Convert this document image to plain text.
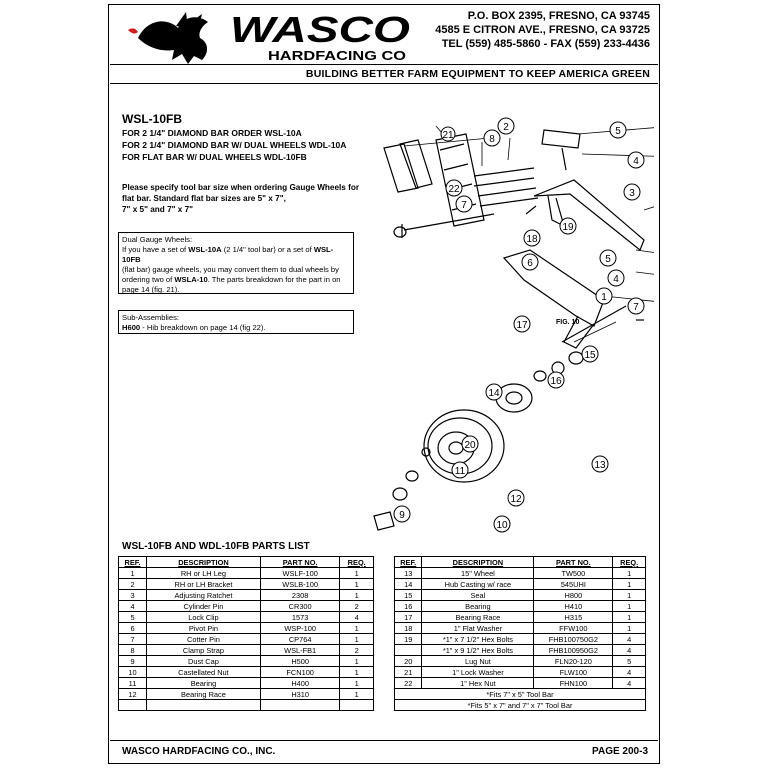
WASCO
HARDFACING CO
P.O. BOX 2395, FRESNO, CA 93745
4585 E CITRON AVE., FRESNO, CA 93725
TEL (559) 485-5860 - FAX (559) 233-4436
BUILDING BETTER FARM EQUIPMENT TO KEEP AMERICA GREEN
WSL-10FB
FOR 2 1/4" DIAMOND BAR ORDER WSL-10A
FOR 2 1/4" DIAMOND BAR W/ DUAL WHEELS WDL-10A
FOR FLAT BAR W/ DUAL WHEELS WDL-10FB
Please specify tool bar size when ordering Gauge Wheels for
flat bar. Standard flat bar sizes are 5" x 7",
7" x 5" and 7" x 7"
Dual Gauge Wheels:
If you have a set of WSL-10A (2 1/4" tool bar) or a set of WSL-10FB
(flat bar) gauge wheels, you may convert them to dual wheels by
ordering two of WSLA-10. The parts breakdown for the part in on
page 14 (fig. 21).
Sub-Assemblies:
H600 - Hib breakdown on page 14 (fig 22).
21
2
8
22
5
3
4
5
4
1
7
6
7
18
19
17
15
16
14
13
20
11
12
10
9
FIG. 10
WSL-10FB AND WDL-10FB PARTS LIST
REF.	DESCRIPTION	PART NO.	REQ.
1	RH or LH Leg	WSLF-100	1
2	RH or LH Bracket	WSLB-100	1
3	Adjusting Ratchet	2308	1
4	Cylinder Pin	CR300	2
5	Lock Clip	1573	4
6	Pivot Pin	WSP-100	1
7	Cotter Pin	CP764	1
8	Clamp Strap	WSL-FB1	2
9	Dust Cap	H500	1
10	Castellated Nut	FCN100	1
11	Bearing	H400	1
12	Bearing Race	H310	1

REF.	DESCRIPTION	PART NO.	REQ.
13	15" Wheel	TW500	1
14	Hub Casting w/ race	545UHI	1
15	Seal	H800	1
16	Bearing	H410	1
17	Bearing Race	H315	1
18	1" Flat Washer	FFW100	1
19	*1" x 7 1/2" Hex Bolts	FHB100750G2	4
	*1" x 9 1/2" Hex Bolts	FHB100950G2	4
20	Lug Nut	FLN20-120	5
21	1" Lock Washer	FLW100	4
22	1" Hex Nut	FHN100	4
*Fits 7" x 5" Tool Bar			
*Fits 5" x 7" and 7" x 7" Tool Bar			
WASCO HARDFACING CO., INC.	PAGE 200-3
